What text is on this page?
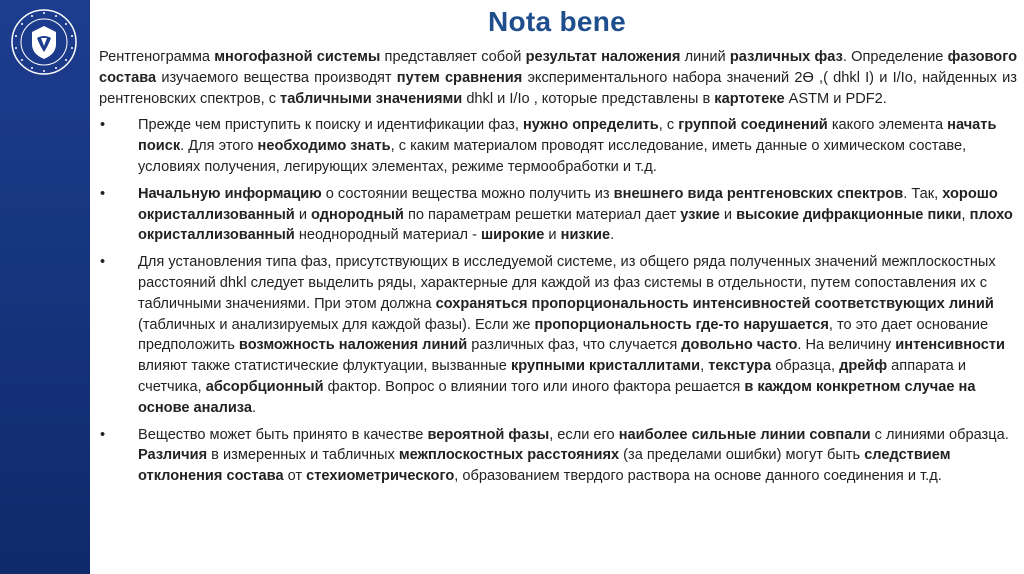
Nota bene

Рентгенограмма многофазной системы представляет собой результат наложения линий различных фаз. Определение фазового состава изучаемого вещества производят путем сравнения экспериментального набора значений 2ϴ ,( dhkl I) и I/Io, найденных из рентгеновских спектров, с табличными значениями dhkl и I/Io , которые представлены в картотеке ASTM и PDF2.

•	Прежде чем приступить к поиску и идентификации фаз, нужно определить, с группой соединений какого элемента начать поиск. Для этого необходимо знать, с каким материалом проводят исследование, иметь данные о химическом составе, условиях получения, легирующих элементах, режиме термообработки и т.д.
•	Начальную информацию о состоянии вещества можно получить из внешнего вида рентгеновских спектров. Так, хорошо окристаллизованный и однородный по параметрам решетки материал дает узкие и высокие дифракционные пики, плохо окристаллизованный неоднородный материал - широкие и низкие.
•	Для установления типа фаз, присутствующих в исследуемой системе, из общего ряда полученных значений межплоскостных расстояний dhkl следует выделить ряды, характерные для каждой из фаз системы в отдельности, путем сопоставления их с табличными значениями. При этом должна сохраняться пропорциональность интенсивностей соответствующих линий (табличных и анализируемых для каждой фазы). Если же пропорциональность где-то нарушается, то это дает основание предположить возможность наложения линий различных фаз, что случается довольно часто. На величину интенсивности влияют также статистические флуктуации, вызванные крупными кристаллитами, текстура образца, дрейф аппарата и счетчика, абсорбционный фактор. Вопрос о влиянии того или иного фактора решается в каждом конкретном случае на основе анализа.
•	Вещество может быть принято в качестве вероятной фазы, если его наиболее сильные линии совпали с линиями образца. Различия в измеренных и табличных межплоскостных расстояниях (за пределами ошибки) могут быть следствием отклонения состава от стехиометрического, образованием твердого раствора на основе данного соединения и т.д.
